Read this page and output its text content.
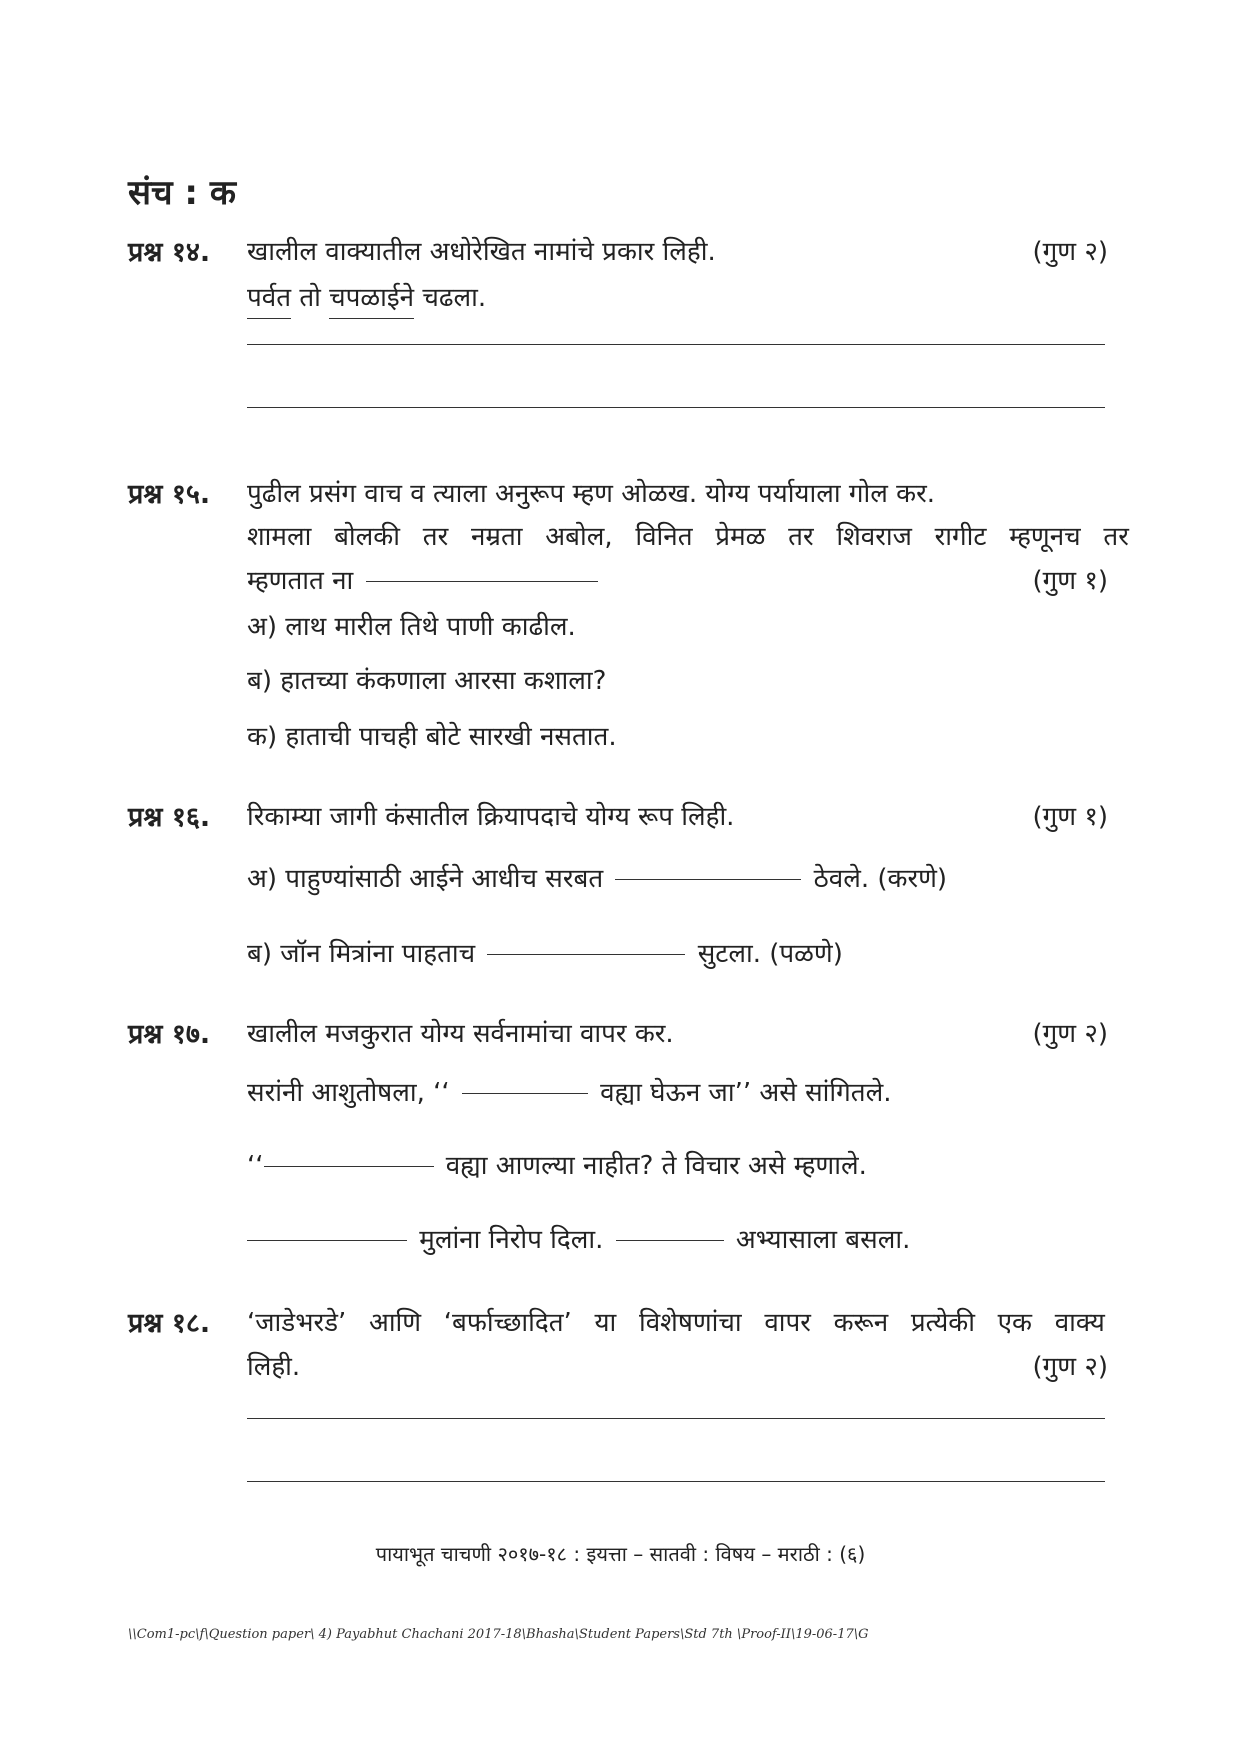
संच : क
प्रश्न १४. खालील वाक्यातील अधोरेखित नामांचे प्रकार लिही.	(गुण २)
पर्वत तो चपळाईने चढला.
प्रश्न १५. पुढील प्रसंग वाच व त्याला अनुरूप म्हण ओळख. योग्य पर्यायाला गोल कर.
शामला बोलकी तर नम्रता अबोल, विनित प्रेमळ तर शिवराज रागीट म्हणूनच तर
म्हणतात ना	(गुण १)
अ) लाथ मारील तिथे पाणी काढील.
ब) हातच्या कंकणाला आरसा कशाला?
क) हाताची पाचही बोटे सारखी नसतात.
प्रश्न १६. रिकाम्या जागी कंसातील क्रियापदाचे योग्य रूप लिही.	(गुण १)
अ) पाहुण्यांसाठी आईने आधीच सरबत	ठेवले. (करणे)
ब) जॉन मित्रांना पाहताच	सुटला. (पळणे)
प्रश्न १७. खालील मजकुरात योग्य सर्वनामांचा वापर कर.	(गुण २)
सरांनी आशुतोषला, ‘‘	वह्या घेऊन जा’’ असे सांगितले.
‘‘	वह्या आणल्या नाहीत? ते विचार असे म्हणाले.
मुलांना निरोप दिला.	अभ्यासाला बसला.
प्रश्न १८. ‘जाडेभरडे’ आणि ‘बर्फाच्छादित’ या विशेषणांचा वापर करून प्रत्येकी एक वाक्य
लिही.	(गुण २)
पायाभूत चाचणी २०१७-१८ : इयत्ता – सातवी : विषय – मराठी : (६)
\\Com1-pc\f\Question paper\ 4) Payabhut Chachani 2017-18\Bhasha\Student Papers\Std 7th \Proof-II\19-06-17\G
